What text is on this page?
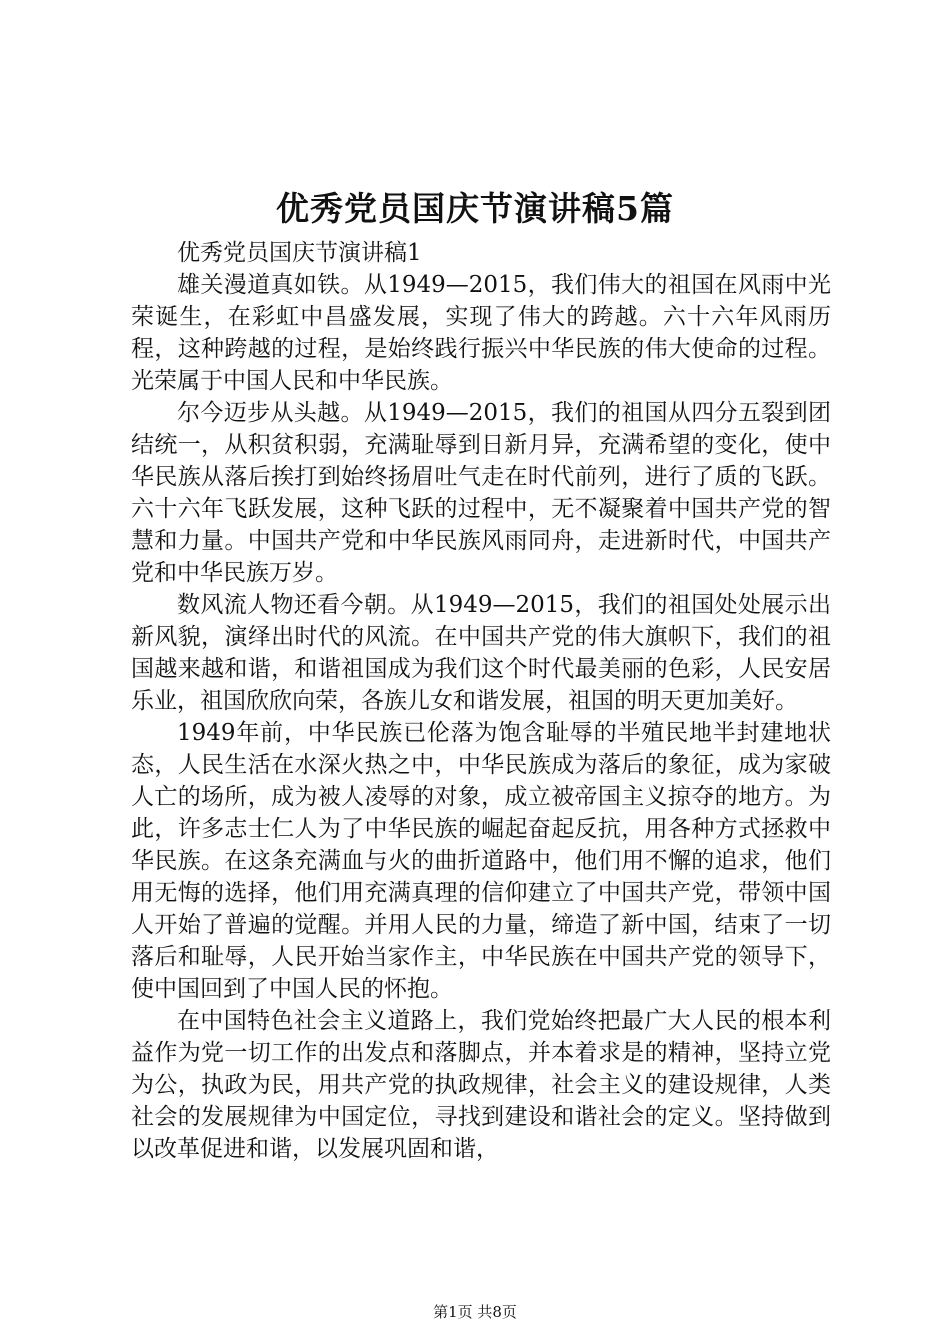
优秀党员国庆节演讲稿5篇

优秀党员国庆节演讲稿1

雄关漫道真如铁。从1949—2015，我们伟大的祖国在风雨中光荣诞生，在彩虹中昌盛发展，实现了伟大的跨越。六十六年风雨历程，这种跨越的过程，是始终践行振兴中华民族的伟大使命的过程。光荣属于中国人民和中华民族。

尔今迈步从头越。从1949—2015，我们的祖国从四分五裂到团结统一，从积贫积弱，充满耻辱到日新月异，充满希望的变化，使中华民族从落后挨打到始终扬眉吐气走在时代前列，进行了质的飞跃。六十六年飞跃发展，这种飞跃的过程中，无不凝聚着中国共产党的智慧和力量。中国共产党和中华民族风雨同舟，走进新时代，中国共产党和中华民族万岁。

数风流人物还看今朝。从1949—2015，我们的祖国处处展示出新风貌，演绎出时代的风流。在中国共产党的伟大旗帜下，我们的祖国越来越和谐，和谐祖国成为我们这个时代最美丽的色彩，人民安居乐业，祖国欣欣向荣，各族儿女和谐发展，祖国的明天更加美好。

1949年前，中华民族已伦落为饱含耻辱的半殖民地半封建地状态，人民生活在水深火热之中，中华民族成为落后的象征，成为家破人亡的场所，成为被人凌辱的对象，成立被帝国主义掠夺的地方。为此，许多志士仁人为了中华民族的崛起奋起反抗，用各种方式拯救中华民族。在这条充满血与火的曲折道路中，他们用不懈的追求，他们用无悔的选择，他们用充满真理的信仰建立了中国共产党，带领中国人开始了普遍的觉醒。并用人民的力量，缔造了新中国，结束了一切落后和耻辱，人民开始当家作主，中华民族在中国共产党的领导下，使中国回到了中国人民的怀抱。

在中国特色社会主义道路上，我们党始终把最广大人民的根本利益作为党一切工作的出发点和落脚点，并本着求是的精神，坚持立党为公，执政为民，用共产党的执政规律，社会主义的建设规律，人类社会的发展规律为中国定位，寻找到建设和谐社会的定义。坚持做到以改革促进和谐，以发展巩固和谐，

第1页 共8页
